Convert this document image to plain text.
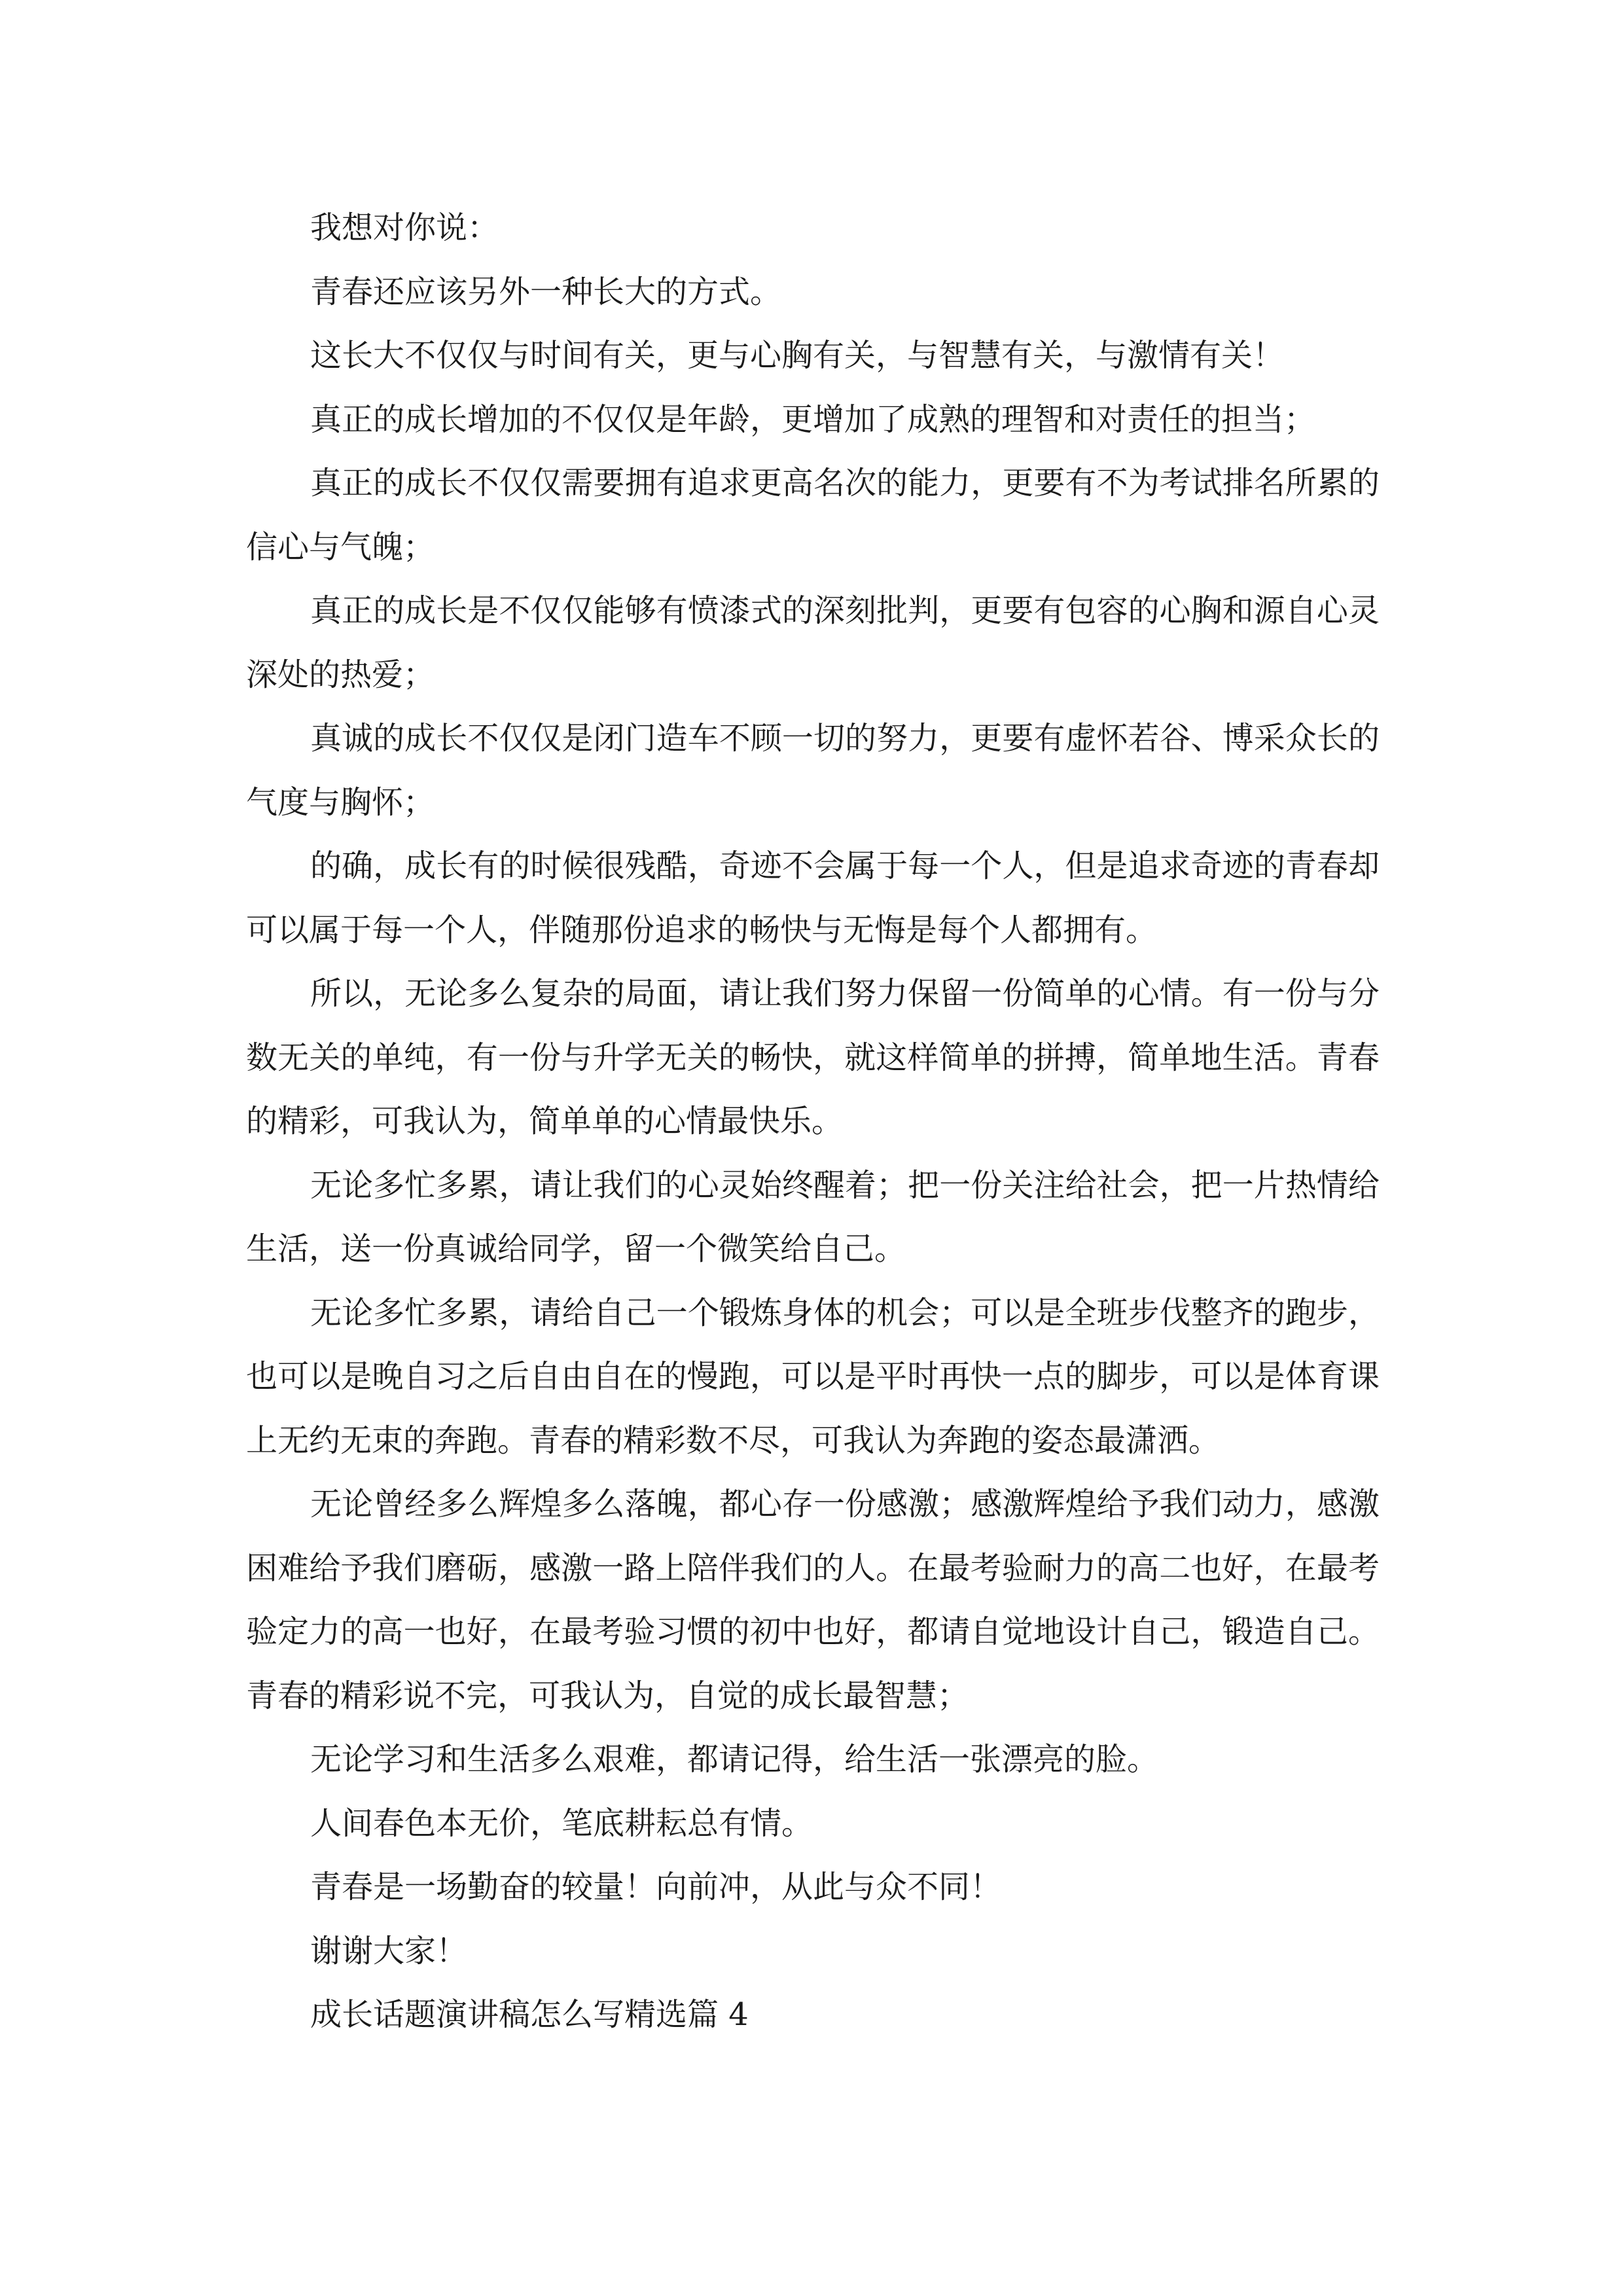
我想对你说：

青春还应该另外一种长大的方式。

这长大不仅仅与时间有关，更与心胸有关，与智慧有关，与激情有关！

真正的成长增加的不仅仅是年龄，更增加了成熟的理智和对责任的担当；

真正的成长不仅仅需要拥有追求更高名次的能力，更要有不为考试排名所累的信心与气魄；

真正的成长是不仅仅能够有愤漆式的深刻批判，更要有包容的心胸和源自心灵深处的热爱；

真诚的成长不仅仅是闭门造车不顾一切的努力，更要有虚怀若谷、博采众长的气度与胸怀；

的确，成长有的时候很残酷，奇迹不会属于每一个人，但是追求奇迹的青春却可以属于每一个人，伴随那份追求的畅快与无悔是每个人都拥有。

所以，无论多么复杂的局面，请让我们努力保留一份简单的心情。有一份与分数无关的单纯，有一份与升学无关的畅快，就这样简单的拼搏，简单地生活。青春的精彩，可我认为，简单单的心情最快乐。

无论多忙多累，请让我们的心灵始终醒着；把一份关注给社会，把一片热情给生活，送一份真诚给同学，留一个微笑给自己。

无论多忙多累，请给自己一个锻炼身体的机会；可以是全班步伐整齐的跑步，也可以是晚自习之后自由自在的慢跑，可以是平时再快一点的脚步，可以是体育课上无约无束的奔跑。青春的精彩数不尽，可我认为奔跑的姿态最潇洒。

无论曾经多么辉煌多么落魄，都心存一份感激；感激辉煌给予我们动力，感激困难给予我们磨砺，感激一路上陪伴我们的人。在最考验耐力的高二也好，在最考验定力的高一也好，在最考验习惯的初中也好，都请自觉地设计自己，锻造自己。青春的精彩说不完，可我认为，自觉的成长最智慧；

无论学习和生活多么艰难，都请记得，给生活一张漂亮的脸。

人间春色本无价，笔底耕耘总有情。

青春是一场勤奋的较量！向前冲，从此与众不同！

谢谢大家！

成长话题演讲稿怎么写精选篇 4
